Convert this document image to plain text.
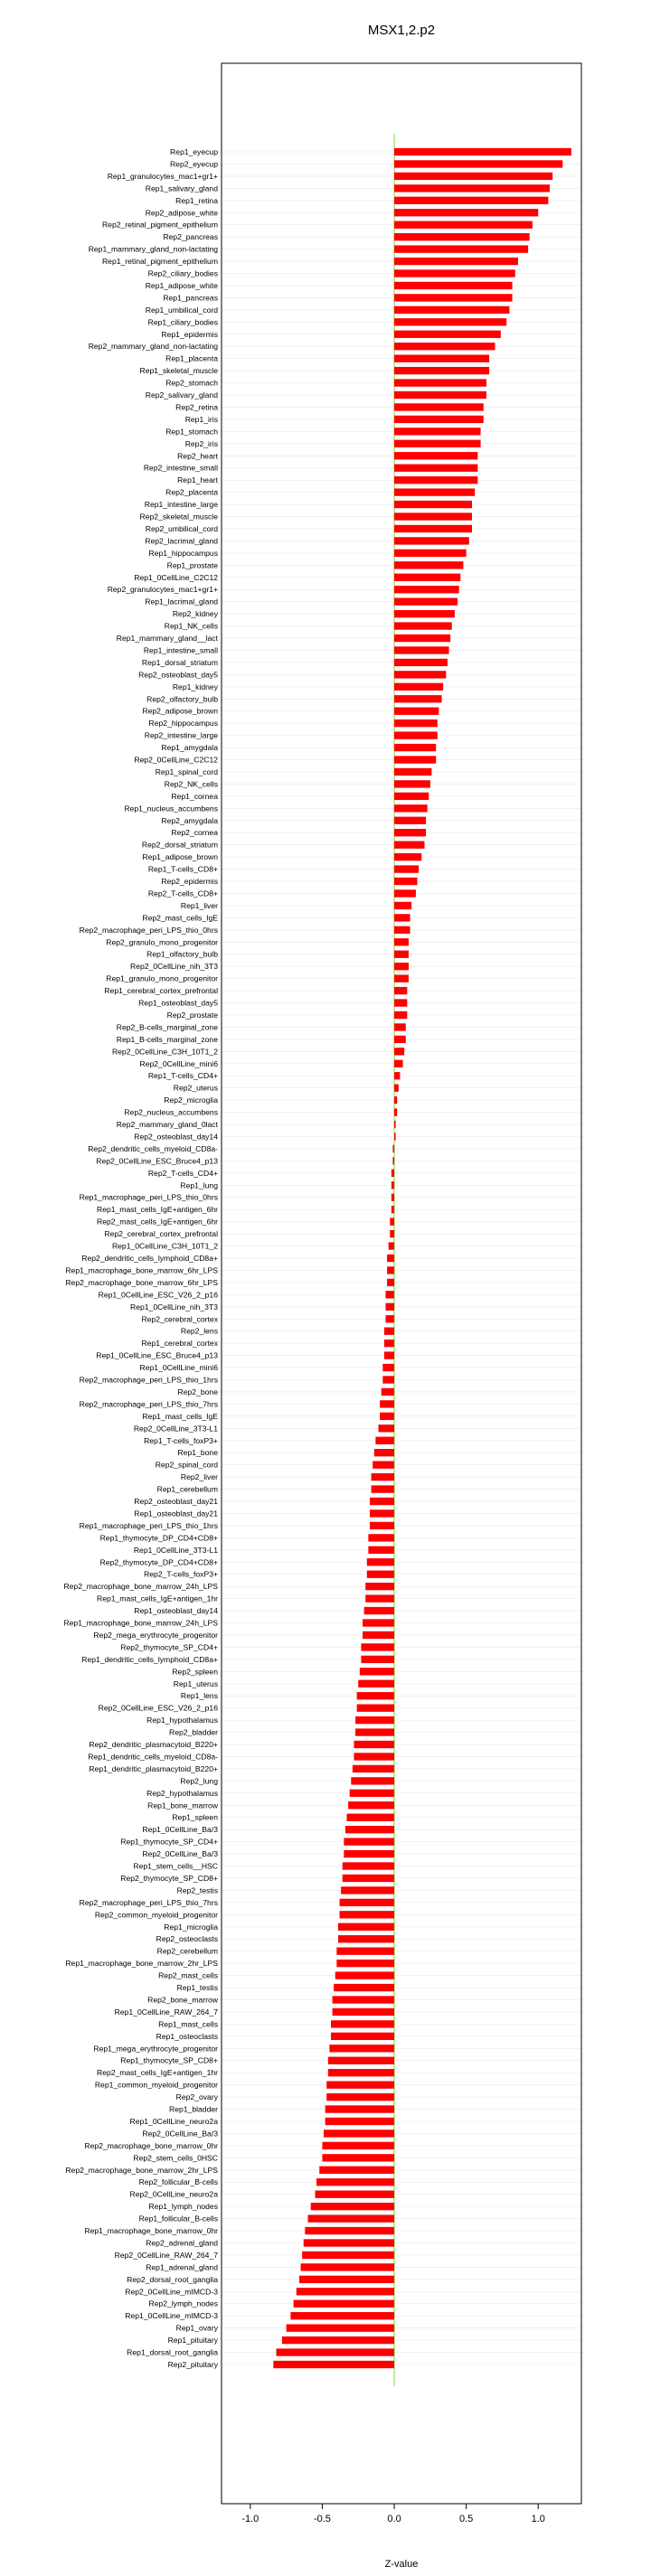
MSX1,2.p2
Rep1_eyecup
Rep2_eyecup
Rep1_granulocytes_mac1+gr1+
Rep1_salivary_gland
Rep1_retina
Rep2_adipose_white
Rep2_retinal_pigment_epithelium
Rep2_pancreas
Rep1_mammary_gland_non-lactating
Rep1_retinal_pigment_epithelium
Rep2_ciliary_bodies
Rep1_adipose_white
Rep1_pancreas
Rep1_umbilical_cord
Rep1_ciliary_bodies
Rep1_epidermis
Rep2_mammary_gland_non-lactating
Rep1_placenta
Rep1_skeletal_muscle
Rep2_stomach
Rep2_salivary_gland
Rep2_retina
Rep1_iris
Rep1_stomach
Rep2_iris
Rep2_heart
Rep2_intestine_small
Rep1_heart
Rep2_placenta
Rep1_intestine_large
Rep2_skeletal_muscle
Rep2_umbilical_cord
Rep2_lacrimal_gland
Rep1_hippocampus
Rep1_prostate
Rep1_0CellLine_C2C12
Rep2_granulocytes_mac1+gr1+
Rep1_lacrimal_gland
Rep2_kidney
Rep1_NK_cells
Rep1_mammary_gland__lact
Rep1_intestine_small
Rep1_dorsal_striatum
Rep2_osteoblast_day5
Rep1_kidney
Rep2_olfactory_bulb
Rep2_adipose_brown
Rep2_hippocampus
Rep2_intestine_large
Rep1_amygdala
Rep2_0CellLine_C2C12
Rep1_spinal_cord
Rep2_NK_cells
Rep1_cornea
Rep1_nucleus_accumbens
Rep2_amygdala
Rep2_cornea
Rep2_dorsal_striatum
Rep1_adipose_brown
Rep1_T-cells_CD8+
Rep2_epidermis
Rep2_T-cells_CD8+
Rep1_liver
Rep2_mast_cells_IgE
Rep2_macrophage_peri_LPS_thio_0hrs
Rep2_granulo_mono_progenitor
Rep1_olfactory_bulb
Rep2_0CellLine_nih_3T3
Rep1_granulo_mono_progenitor
Rep1_cerebral_cortex_prefrontal
Rep1_osteoblast_day5
Rep2_prostate
Rep2_B-cells_marginal_zone
Rep1_B-cells_marginal_zone
Rep2_0CellLine_C3H_10T1_2
Rep2_0CellLine_mini6
Rep1_T-cells_CD4+
Rep2_uterus
Rep2_microglia
Rep2_nucleus_accumbens
Rep2_mammary_gland_0lact
Rep2_osteoblast_day14
Rep2_dendritic_cells_myeloid_CD8a-
Rep2_0CellLine_ESC_Bruce4_p13
Rep2_T-cells_CD4+
Rep1_lung
Rep1_macrophage_peri_LPS_thio_0hrs
Rep1_mast_cells_IgE+antigen_6hr
Rep2_mast_cells_IgE+antigen_6hr
Rep2_cerebral_cortex_prefrontal
Rep1_0CellLine_C3H_10T1_2
Rep2_dendritic_cells_lymphoid_CD8a+
Rep1_macrophage_bone_marrow_6hr_LPS
Rep2_macrophage_bone_marrow_6hr_LPS
Rep1_0CellLine_ESC_V26_2_p16
Rep1_0CellLine_nih_3T3
Rep2_cerebral_cortex
Rep2_lens
Rep1_cerebral_cortex
Rep1_0CellLine_ESC_Bruce4_p13
Rep1_0CellLine_mini6
Rep2_macrophage_peri_LPS_thio_1hrs
Rep2_bone
Rep2_macrophage_peri_LPS_thio_7hrs
Rep1_mast_cells_IgE
Rep2_0CellLine_3T3-L1
Rep1_T-cells_foxP3+
Rep1_bone
Rep2_spinal_cord
Rep2_liver
Rep1_cerebellum
Rep2_osteoblast_day21
Rep1_osteoblast_day21
Rep1_macrophage_peri_LPS_thio_1hrs
Rep1_thymocyte_DP_CD4+CD8+
Rep1_0CellLine_3T3-L1
Rep2_thymocyte_DP_CD4+CD8+
Rep2_T-cells_foxP3+
Rep2_macrophage_bone_marrow_24h_LPS
Rep1_mast_cells_IgE+antigen_1hr
Rep1_osteoblast_day14
Rep1_macrophage_bone_marrow_24h_LPS
Rep2_mega_erythrocyte_progenitor
Rep2_thymocyte_SP_CD4+
Rep1_dendritic_cells_lymphoid_CD8a+
Rep2_spleen
Rep1_uterus
Rep1_lens
Rep2_0CellLine_ESC_V26_2_p16
Rep1_hypothalamus
Rep2_bladder
Rep2_dendritic_plasmacytoid_B220+
Rep1_dendritic_cells_myeloid_CD8a-
Rep1_dendritic_plasmacytoid_B220+
Rep2_lung
Rep2_hypothalamus
Rep1_bone_marrow
Rep1_spleen
Rep1_0CellLine_Ba/3
Rep1_thymocyte_SP_CD4+
Rep2_0CellLine_Ba/3
Rep1_stem_cells__HSC
Rep2_thymocyte_SP_CD8+
Rep2_testis
Rep2_macrophage_peri_LPS_thio_7hrs
Rep2_common_myeloid_progenitor
Rep1_microglia
Rep2_osteoclasts
Rep2_cerebellum
Rep1_macrophage_bone_marrow_2hr_LPS
Rep2_mast_cells
Rep1_testis
Rep2_bone_marrow
Rep1_0CellLine_RAW_264_7
Rep1_mast_cells
Rep1_osteoclasts
Rep1_mega_erythrocyte_progenitor
Rep1_thymocyte_SP_CD8+
Rep2_mast_cells_IgE+antigen_1hr
Rep1_common_myeloid_progenitor
Rep2_ovary
Rep1_bladder
Rep1_0CellLine_neuro2a
Rep2_0CellLine_Ba/3
Rep2_macrophage_bone_marrow_0hr
Rep2_stem_cells_0HSC
Rep2_macrophage_bone_marrow_2hr_LPS
Rep2_follicular_B-cells
Rep2_0CellLine_neuro2a
Rep1_lymph_nodes
Rep1_follicular_B-cells
Rep1_macrophage_bone_marrow_0hr
Rep2_adrenal_gland
Rep2_0CellLine_RAW_264_7
Rep1_adrenal_gland
Rep2_dorsal_root_ganglia
Rep2_0CellLine_mIMCD-3
Rep2_lymph_nodes
Rep1_0CellLine_mIMCD-3
Rep1_ovary
Rep1_pituitary
Rep1_dorsal_root_ganglia
Rep2_pituitary
-1.0	-0.5	0.0	0.5	1.0
Z-value
